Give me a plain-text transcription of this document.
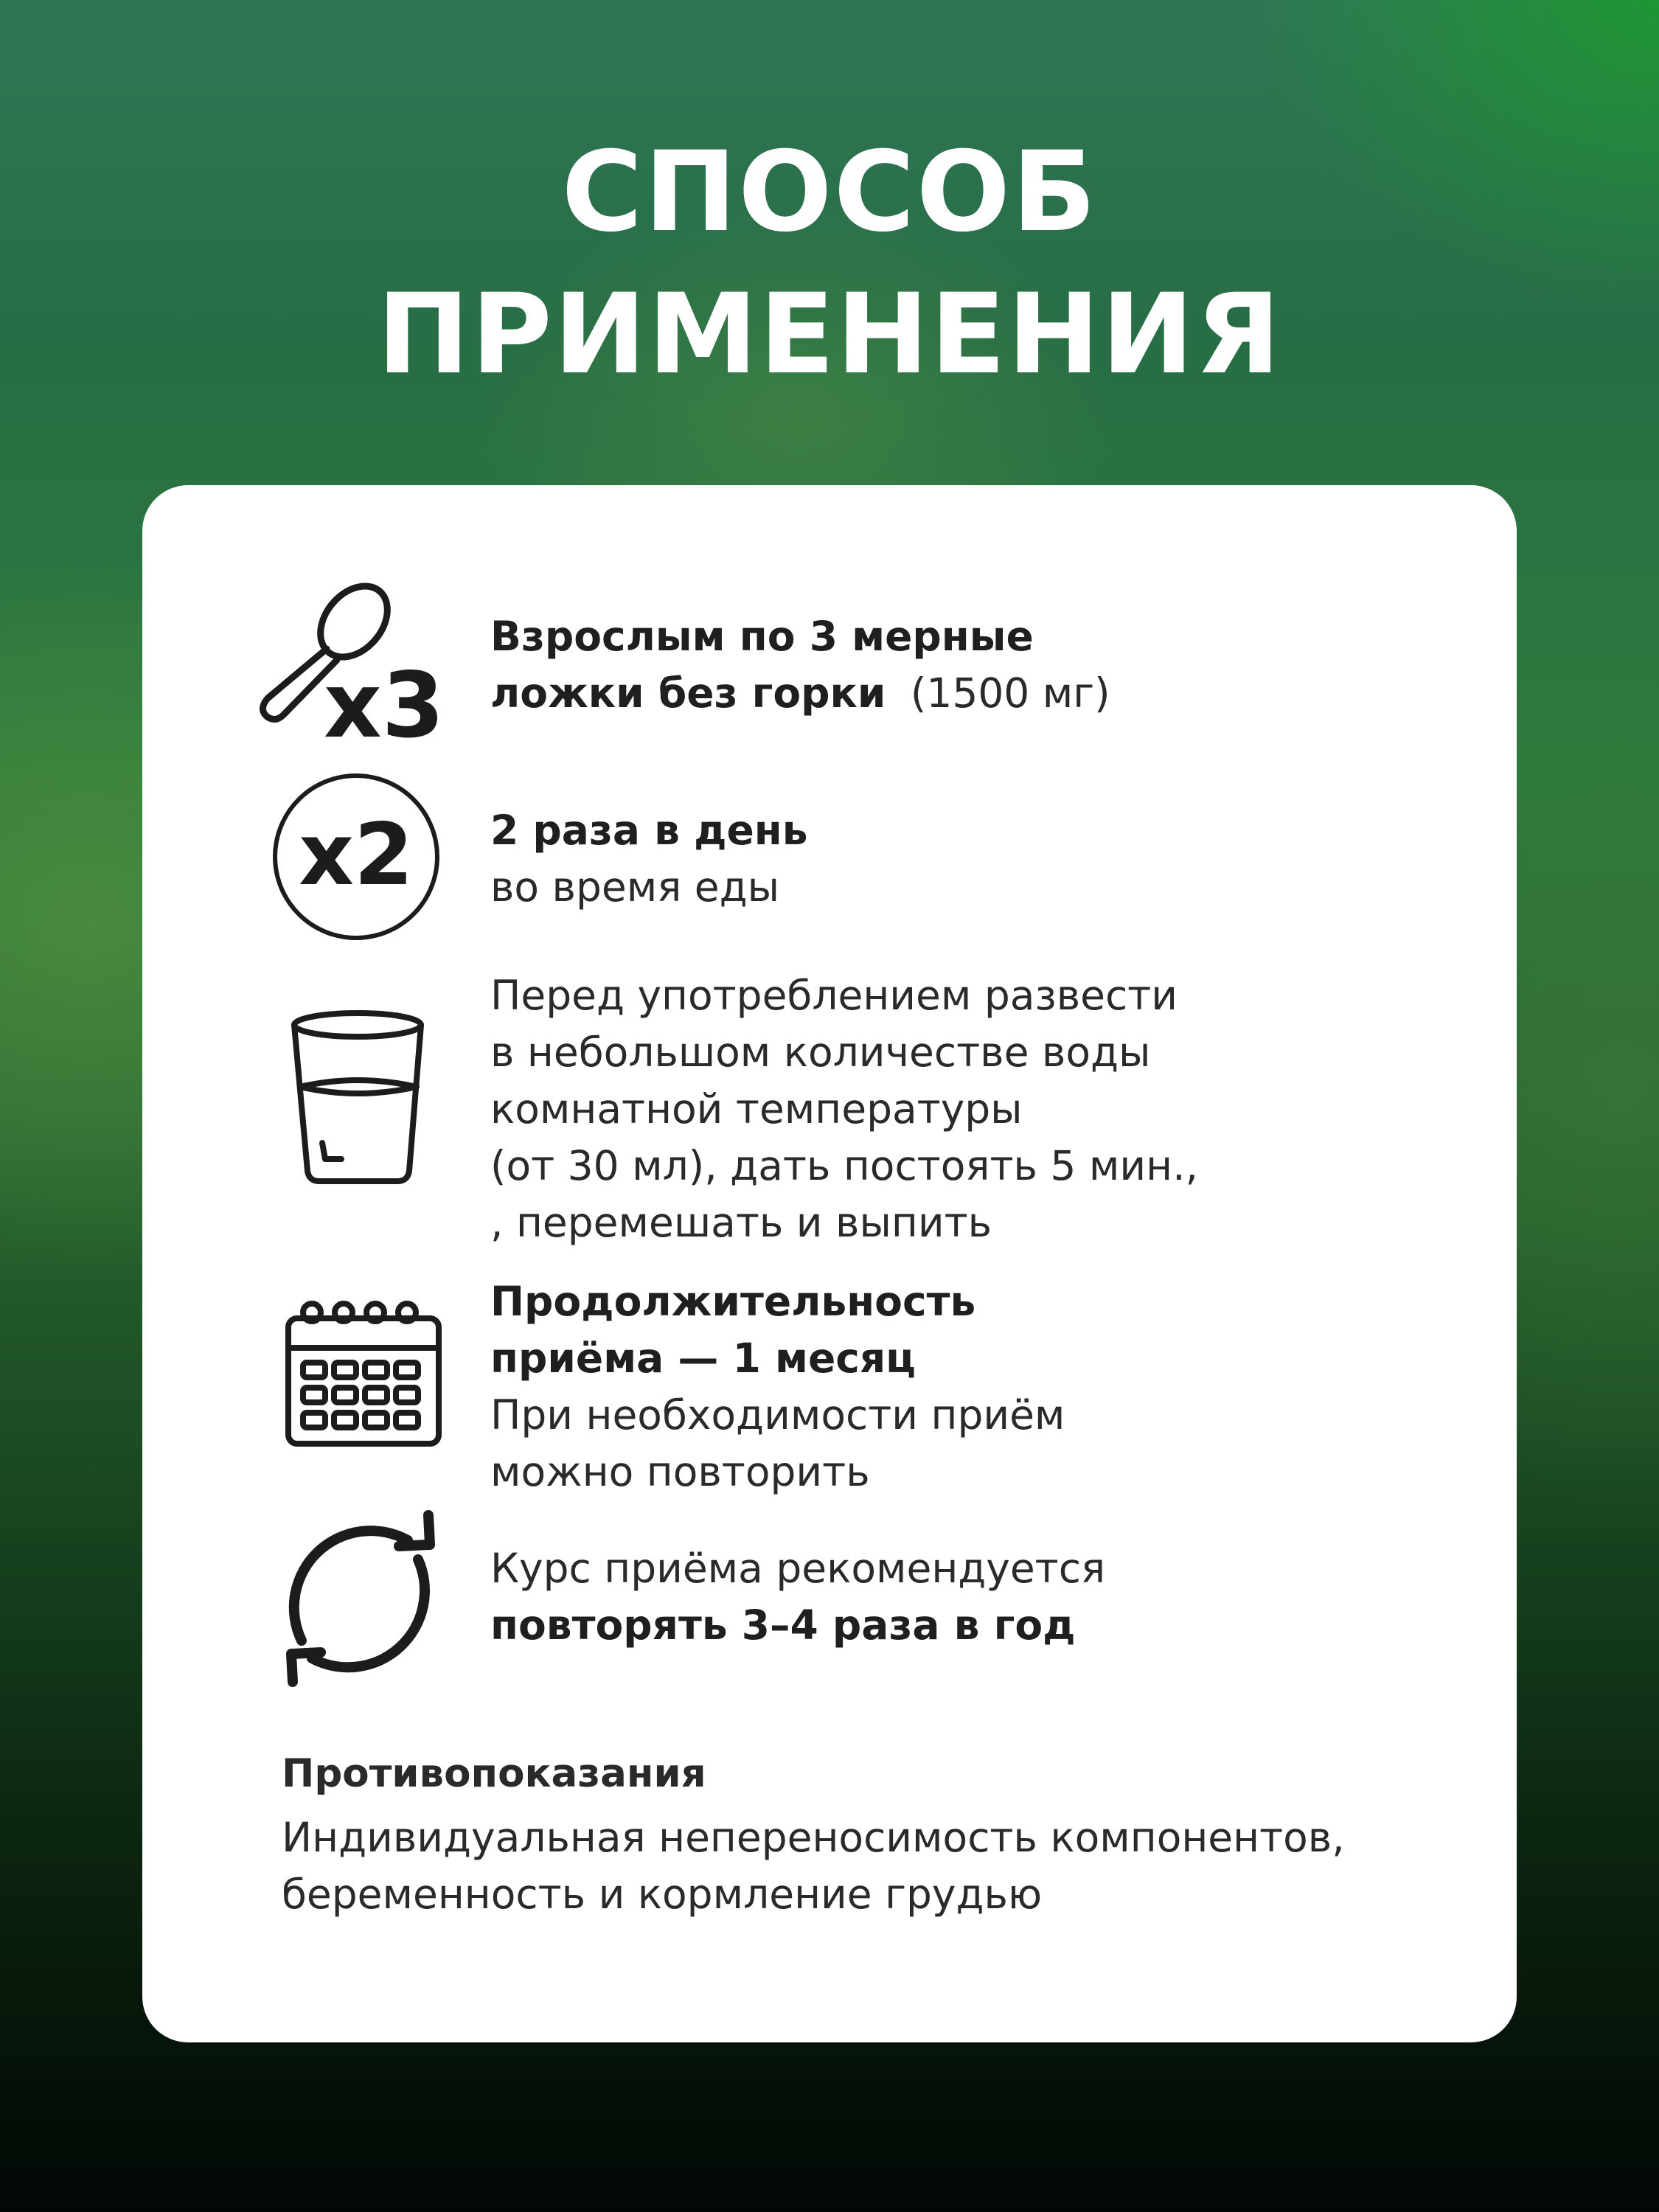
СПОСОБ
ПРИМЕНЕНИЯ
x3
Взрослым по 3 мерные
ложки без горки (1500 мг)
x2 2 раза в день
во время еды
Перед употреблением развести
в небольшом количестве воды
комнатной температуры
(от 30 мл), дать постоять 5 мин.,
, перемешать и выпить
Продолжительность
приёма — 1 месяц
При необходимости приём
можно повторить
Курс приёма рекомендуется
повторять 3–4 раза в год
Противопоказания
Индивидуальная непереносимость компонентов,
беременность и кормление грудью
